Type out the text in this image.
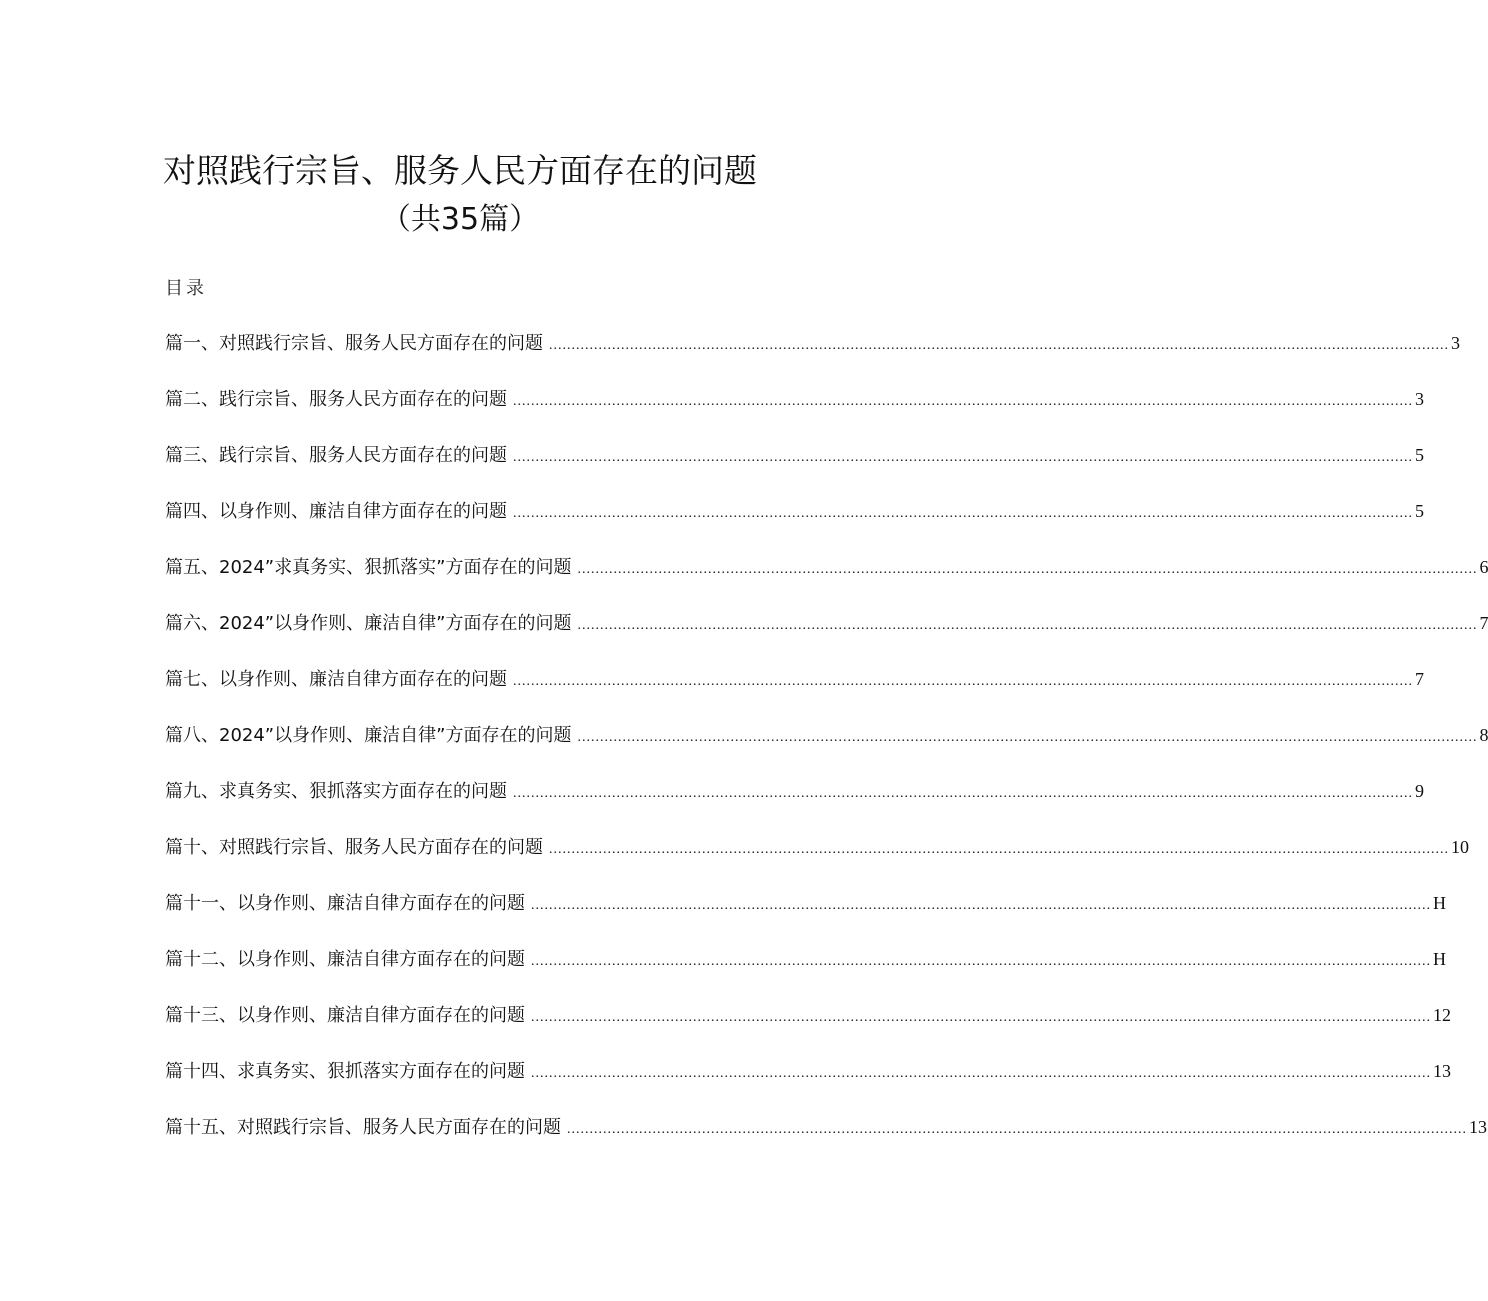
对照践行宗旨、服务人民方面存在的问题
（共35篇）
目录
篇一、对照践行宗旨、服务人民方面存在的问题 ........................................................................................................................................................................................................ 3
篇二、践行宗旨、服务人民方面存在的问题 ........................................................................................................................................................................................................ 3
篇三、践行宗旨、服务人民方面存在的问题 ........................................................................................................................................................................................................ 5
篇四、以身作则、廉洁自律方面存在的问题 ........................................................................................................................................................................................................ 5
篇五、2024”求真务实、狠抓落实”方面存在的问题 ........................................................................................................................................................................................................ 6
篇六、2024”以身作则、廉洁自律”方面存在的问题 ........................................................................................................................................................................................................ 7
篇七、以身作则、廉洁自律方面存在的问题 ........................................................................................................................................................................................................ 7
篇八、2024”以身作则、廉洁自律”方面存在的问题 ........................................................................................................................................................................................................ 8
篇九、求真务实、狠抓落实方面存在的问题 ........................................................................................................................................................................................................ 9
篇十、对照践行宗旨、服务人民方面存在的问题 ........................................................................................................................................................................................................ 10
篇十一、以身作则、廉洁自律方面存在的问题 ........................................................................................................................................................................................................ H
篇十二、以身作则、廉洁自律方面存在的问题 ........................................................................................................................................................................................................ H
篇十三、以身作则、廉洁自律方面存在的问题 ........................................................................................................................................................................................................ 12
篇十四、求真务实、狠抓落实方面存在的问题 ........................................................................................................................................................................................................ 13
篇十五、对照践行宗旨、服务人民方面存在的问题 ........................................................................................................................................................................................................ 13
